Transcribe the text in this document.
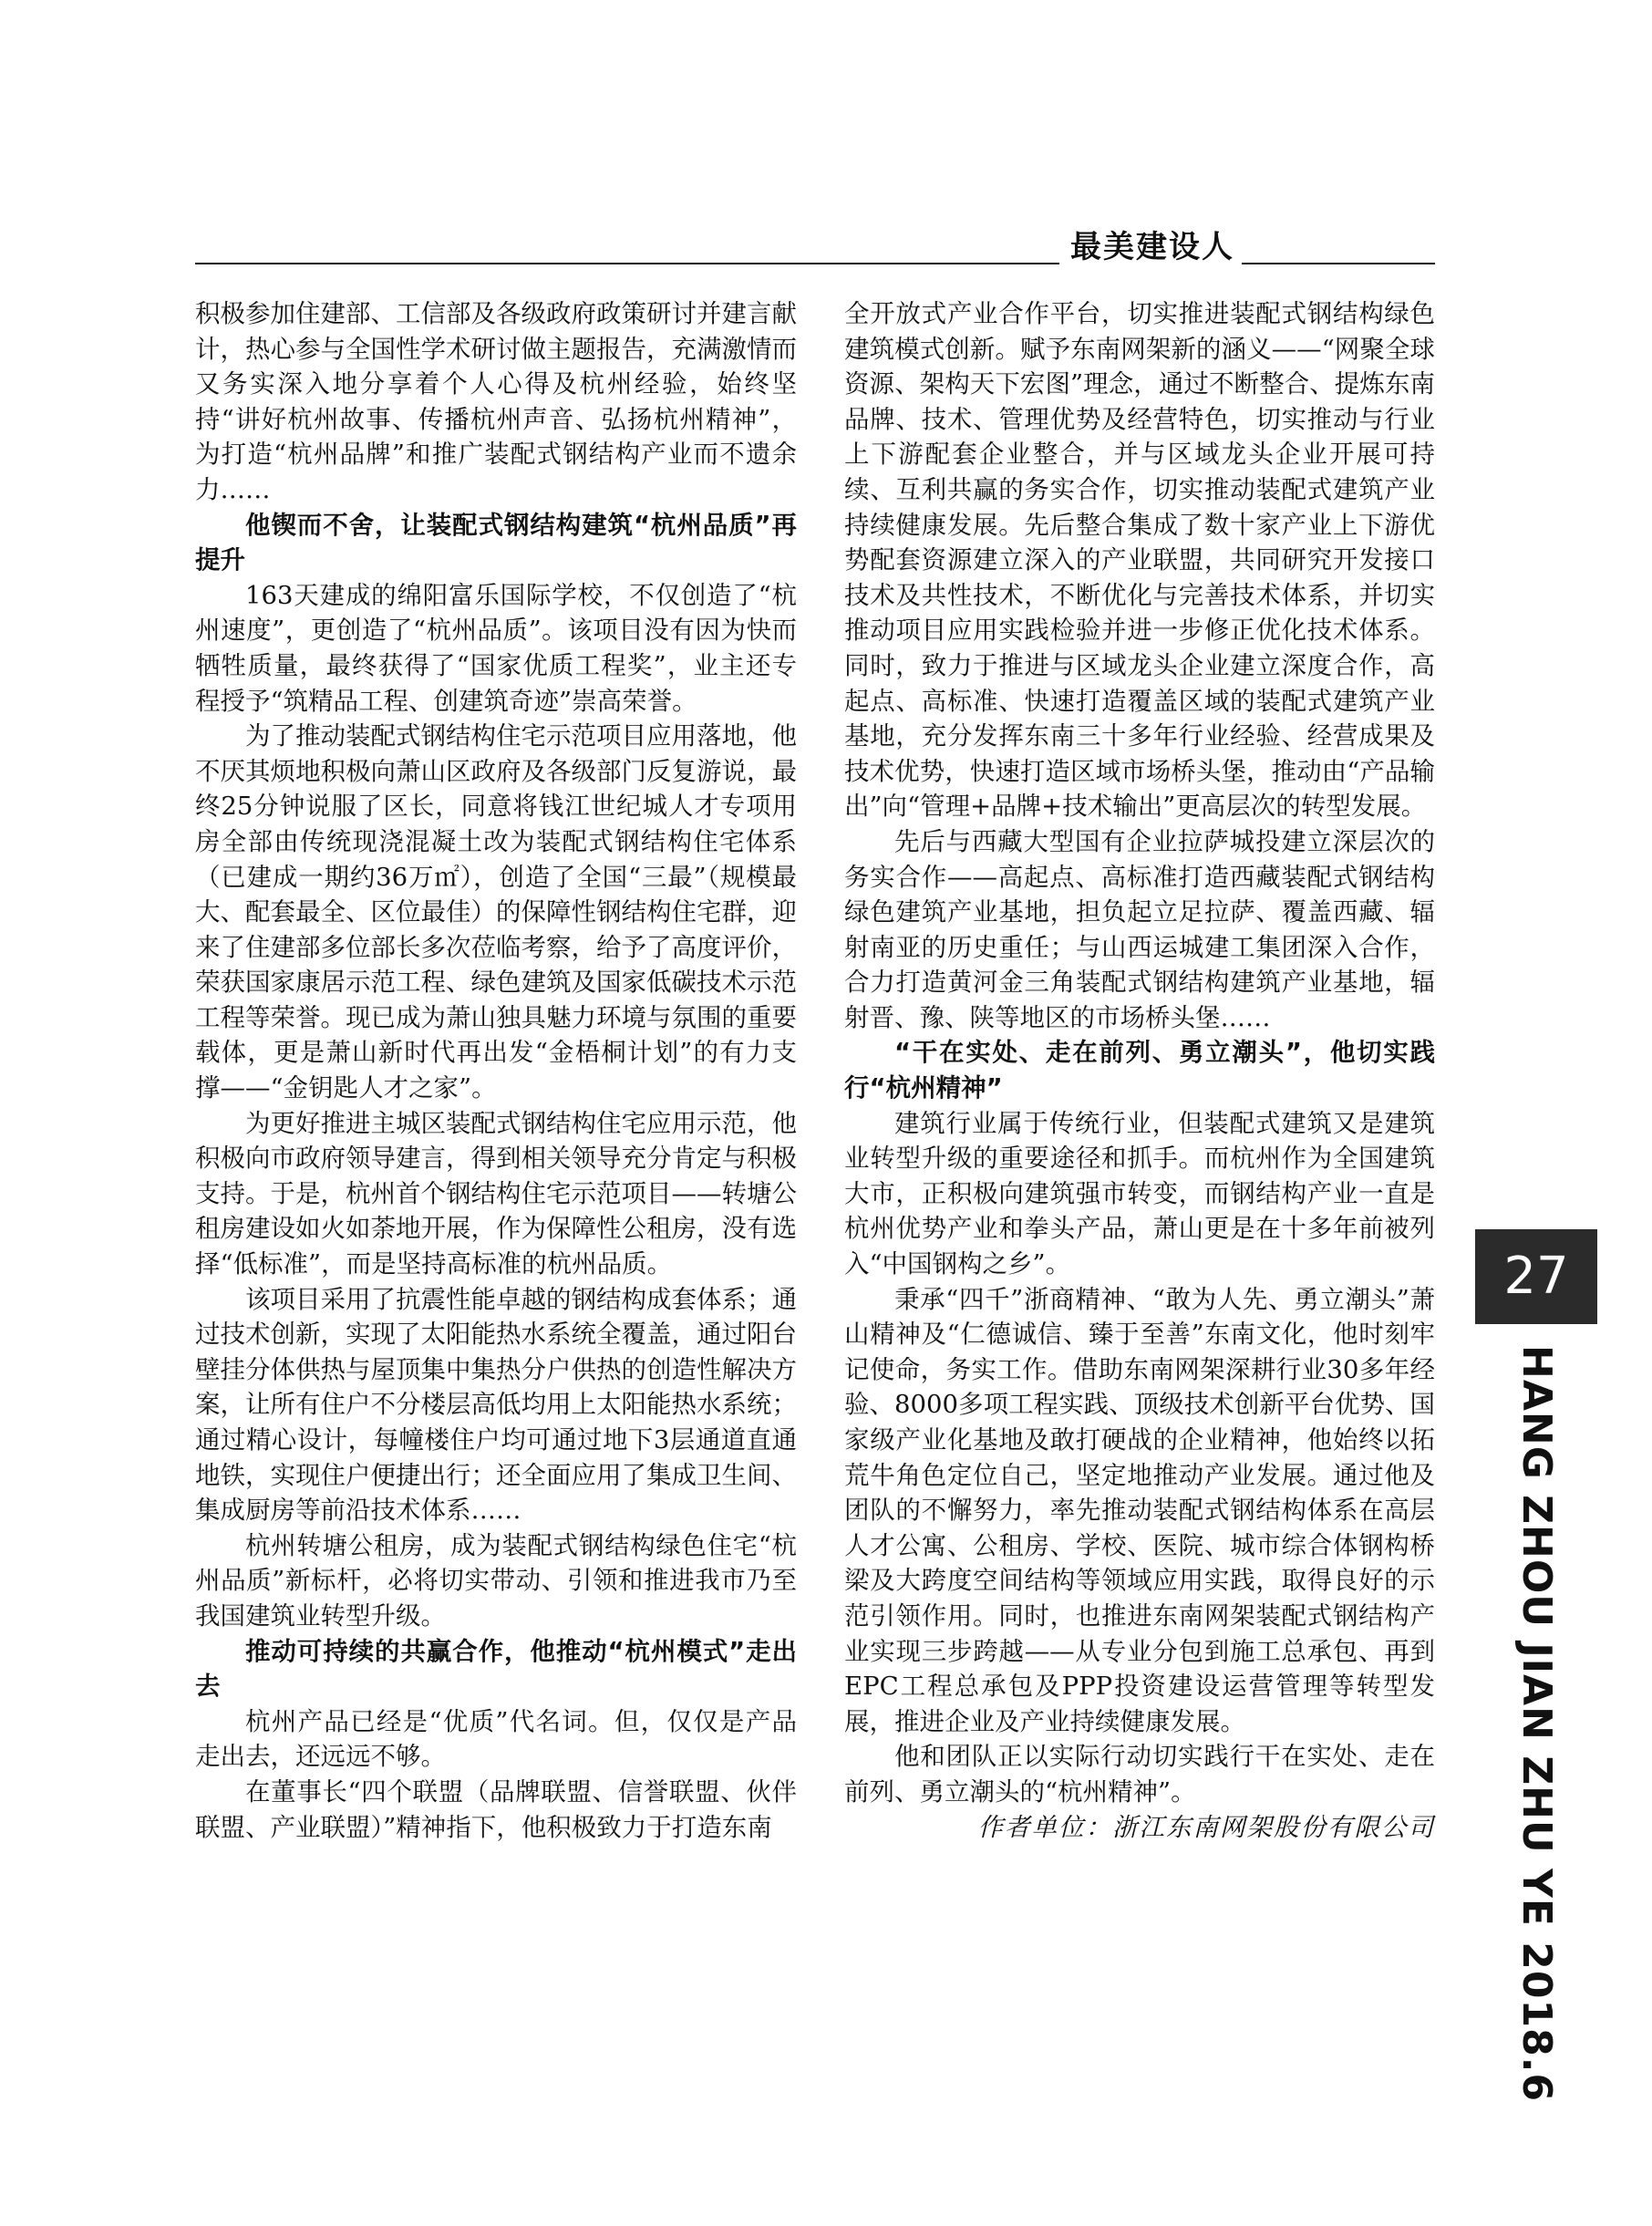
最美建设人

积极参加住建部、工信部及各级政府政策研讨并建言献计，热心参与全国性学术研讨做主题报告，充满激情而又务实深入地分享着个人心得及杭州经验，始终坚持“讲好杭州故事、传播杭州声音、弘扬杭州精神”，为打造“杭州品牌”和推广装配式钢结构产业而不遗余力……

他锲而不舍，让装配式钢结构建筑“杭州品质”再提升

163天建成的绵阳富乐国际学校，不仅创造了“杭州速度”，更创造了“杭州品质”。该项目没有因为快而牺牲质量，最终获得了“国家优质工程奖”，业主还专程授予“筑精品工程、创建筑奇迹”崇高荣誉。

为了推动装配式钢结构住宅示范项目应用落地，他不厌其烦地积极向萧山区政府及各级部门反复游说，最终25分钟说服了区长，同意将钱江世纪城人才专项用房全部由传统现浇混凝土改为装配式钢结构住宅体系（已建成一期约36万㎡），创造了全国“三最”（规模最大、配套最全、区位最佳）的保障性钢结构住宅群，迎来了住建部多位部长多次莅临考察，给予了高度评价，荣获国家康居示范工程、绿色建筑及国家低碳技术示范工程等荣誉。现已成为萧山独具魅力环境与氛围的重要载体，更是萧山新时代再出发“金梧桐计划”的有力支撑——“金钥匙人才之家”。

为更好推进主城区装配式钢结构住宅应用示范，他积极向市政府领导建言，得到相关领导充分肯定与积极支持。于是，杭州首个钢结构住宅示范项目——转塘公租房建设如火如荼地开展，作为保障性公租房，没有选择“低标准”，而是坚持高标准的杭州品质。

该项目采用了抗震性能卓越的钢结构成套体系；通过技术创新，实现了太阳能热水系统全覆盖，通过阳台壁挂分体供热与屋顶集中集热分户供热的创造性解决方案，让所有住户不分楼层高低均用上太阳能热水系统；通过精心设计，每幢楼住户均可通过地下3层通道直通地铁，实现住户便捷出行；还全面应用了集成卫生间、集成厨房等前沿技术体系……

杭州转塘公租房，成为装配式钢结构绿色住宅“杭州品质”新标杆，必将切实带动、引领和推进我市乃至我国建筑业转型升级。

推动可持续的共赢合作，他推动“杭州模式”走出去

杭州产品已经是“优质”代名词。但，仅仅是产品走出去，还远远不够。

在董事长“四个联盟（品牌联盟、信誉联盟、伙伴联盟、产业联盟）”精神指下，他积极致力于打造东南

全开放式产业合作平台，切实推进装配式钢结构绿色建筑模式创新。赋予东南网架新的涵义——“网聚全球资源、架构天下宏图”理念，通过不断整合、提炼东南品牌、技术、管理优势及经营特色，切实推动与行业上下游配套企业整合，并与区域龙头企业开展可持续、互利共赢的务实合作，切实推动装配式建筑产业持续健康发展。先后整合集成了数十家产业上下游优势配套资源建立深入的产业联盟，共同研究开发接口技术及共性技术，不断优化与完善技术体系，并切实推动项目应用实践检验并进一步修正优化技术体系。同时，致力于推进与区域龙头企业建立深度合作，高起点、高标准、快速打造覆盖区域的装配式建筑产业基地，充分发挥东南三十多年行业经验、经营成果及技术优势，快速打造区域市场桥头堡，推动由“产品输出”向“管理+品牌+技术输出”更高层次的转型发展。

先后与西藏大型国有企业拉萨城投建立深层次的务实合作——高起点、高标准打造西藏装配式钢结构绿色建筑产业基地，担负起立足拉萨、覆盖西藏、辐射南亚的历史重任；与山西运城建工集团深入合作，合力打造黄河金三角装配式钢结构建筑产业基地，辐射晋、豫、陕等地区的市场桥头堡……

“干在实处、走在前列、勇立潮头”，他切实践行“杭州精神”

建筑行业属于传统行业，但装配式建筑又是建筑业转型升级的重要途径和抓手。而杭州作为全国建筑大市，正积极向建筑强市转变，而钢结构产业一直是杭州优势产业和拳头产品，萧山更是在十多年前被列入“中国钢构之乡”。

秉承“四千”浙商精神、“敢为人先、勇立潮头”萧山精神及“仁德诚信、臻于至善”东南文化，他时刻牢记使命，务实工作。借助东南网架深耕行业30多年经验、8000多项工程实践、顶级技术创新平台优势、国家级产业化基地及敢打硬战的企业精神，他始终以拓荒牛角色定位自己，坚定地推动产业发展。通过他及团队的不懈努力，率先推动装配式钢结构体系在高层人才公寓、公租房、学校、医院、城市综合体钢构桥梁及大跨度空间结构等领域应用实践，取得良好的示范引领作用。同时，也推进东南网架装配式钢结构产业实现三步跨越——从专业分包到施工总承包、再到EPC工程总承包及PPP投资建设运营管理等转型发展，推进企业及产业持续健康发展。

他和团队正以实际行动切实践行干在实处、走在前列、勇立潮头的“杭州精神”。

作者单位：浙江东南网架股份有限公司

27
HANG ZHOU JIAN ZHU YE 2018.6
